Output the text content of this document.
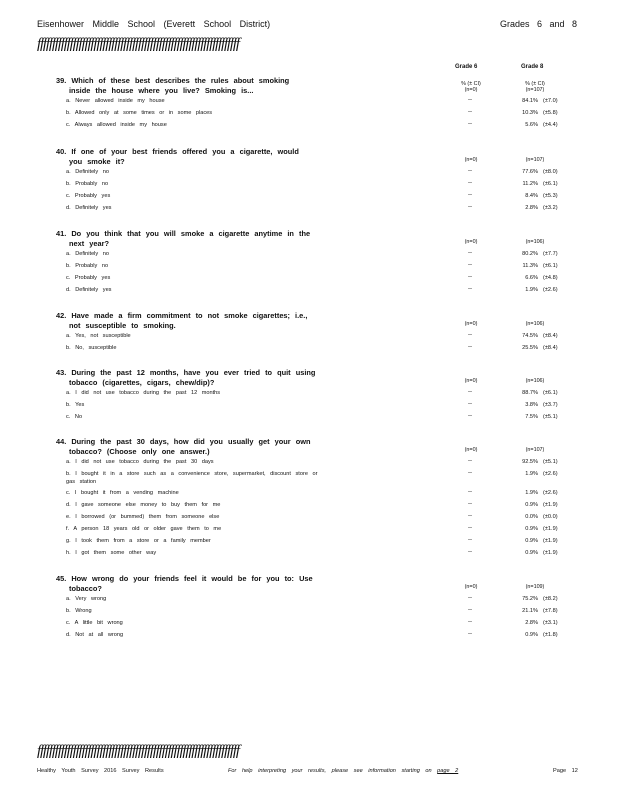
Eisenhower Middle School (Everett School District)	Grades 6 and 8
ffffffffffffffffffffffffffffffffffffffffffffffffffffffffffffffffffff
Grade 6	Grade 8
39. Which of these best describes the rules about smoking
inside the house where you live? Smoking is...
% (± CI)
(n=0)
% (± CI)
(n=107)
a. Never allowed inside my house	--	84.1% (±7.0)
b. Allowed only at some times or in some places	--	10.3% (±5.8)
c. Always allowed inside my house	--	5.6% (±4.4)
40. If one of your best friends offered you a cigarette, would
you smoke it?	(n=0)	(n=107)
a. Definitely no	--	77.6% (±8.0)
b. Probably no	--	11.2% (±6.1)
c. Probably yes	--	8.4% (±5.3)
d. Definitely yes	--	2.8% (±3.2)
41. Do you think that you will smoke a cigarette anytime in the
next year?	(n=0)	(n=106)
a. Definitely no	--	80.2% (±7.7)
b. Probably no	--	11.3% (±6.1)
c. Probably yes	--	6.6% (±4.8)
d. Definitely yes	--	1.9% (±2.6)
42. Have made a firm commitment to not smoke cigarettes; i.e.,
not susceptible to smoking.	(n=0)	(n=106)
a. Yes, not susceptible	--	74.5% (±8.4)
b. No, susceptible	--	25.5% (±8.4)
43. During the past 12 months, have you ever tried to quit using
tobacco (cigarettes, cigars, chew/dip)?	(n=0)	(n=106)
a. I did not use tobacco during the past 12 months	--	88.7% (±6.1)
b. Yes	--	3.8% (±3.7)
c. No	--	7.5% (±5.1)
44. During the past 30 days, how did you usually get your own
tobacco? (Choose only one answer.)	(n=0)	(n=107)
a. I did not use tobacco during the past 30 days	--	92.5% (±5.1)
b. I bought it in a store such as a convenience store, supermarket, discount store or gas station
--	1.9% (±2.6)
c. I bought it from a vending machine	--	1.9% (±2.6)
d. I gave someone else money to buy them for me	--	0.9% (±1.9)
e. I borrowed (or bummed) them from someone else	--	0.0% (±0.0)
f. A person 18 years old or older gave them to me	--	0.9% (±1.9)
g. I took them from a store or a family member	--	0.9% (±1.9)
h. I got them some other way	--	0.9% (±1.9)
45. How wrong do your friends feel it would be for you to: Use
tobacco?	(n=0)	(n=109)
a. Very wrong	--	75.2% (±8.2)
b. Wrong	--	21.1% (±7.8)
c. A little bit wrong	--	2.8% (±3.1)
d. Not at all wrong	--	0.9% (±1.8)
ffffffffffffffffffffffffffffffffffffffffffffffffffffffffffffffffffff
Healthy Youth Survey 2016 Survey Results	For help interpreting your results, please see information starting on page 2	Page 12
